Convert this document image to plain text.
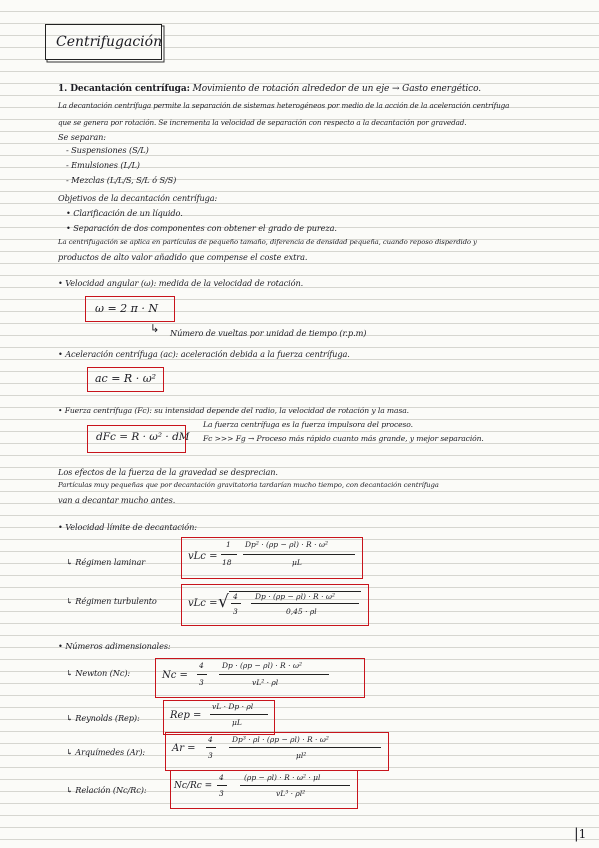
Centrifugación
1. Decantación centrífuga: Movimiento de rotación alrededor de un eje → Gasto energético.
La decantación centrífuga permite la separación de sistemas heterogéneos por medio de la acción de la aceleración centrífuga
que se genera por rotación. Se incrementa la velocidad de separación con respecto a la decantación por gravedad.
Se separan:
- Suspensiones (S/L)
- Emulsiones (L/L)
- Mezclas (L/L/S, S/L ó S/S)
Objetivos de la decantación centrífuga:
• Clarificación de un líquido.
• Separación de dos componentes con obtener el grado de pureza.
La centrifugación se aplica en partículas de pequeño tamaño, diferencia de densidad pequeña, cuando reposo disperdido y
productos de alto valor añadido que compense el coste extra.
• Velocidad angular (ω): medida de la velocidad de rotación.
ω = 2 π · N
↳ Número de vueltas por unidad de tiempo (r.p.m)
• Aceleración centrífuga (ac): aceleración debida a la fuerza centrífuga.
ac = R · ω²
• Fuerza centrífuga (Fc): su intensidad depende del radio, la velocidad de rotación y la masa.
dFc = R · ω² · dM
La fuerza centrífuga es la fuerza impulsora del proceso.
Fc >>> Fg → Proceso más rápido cuanto más grande, y mejor separación.
Los efectos de la fuerza de la gravedad se desprecian.
Partículas muy pequeñas que por decantación gravitatoria tardarían mucho tiempo, con decantación centrífuga
van a decantar mucho antes.
• Velocidad límite de decantación:
↳ Régimen laminar	vLc =
1
18
Dp² · (ρp − ρl) · R · ω²
μL
↳ Régimen turbulento	vLc = √ 4
3
Dp · (ρp − ρl) · R · ω²
0,45 · ρl
• Números adimensionales:
↳ Newton (Nc):	Nc =
4
3
Dp · (ρp − ρl) · R · ω²
vL² · ρl
↳ Reynolds (Rep):	Rep =
vL · Dp · ρl
μL
↳ Arquímedes (Ar):	Ar =
4
3
Dp³ · ρl · (ρp − ρl) · R · ω²
μl²
↳ Relación (Nc/Rc):	Nc/Rc =
4
3
(ρp − ρl) · R · ω² · μl
vL³ · ρl²
|1
